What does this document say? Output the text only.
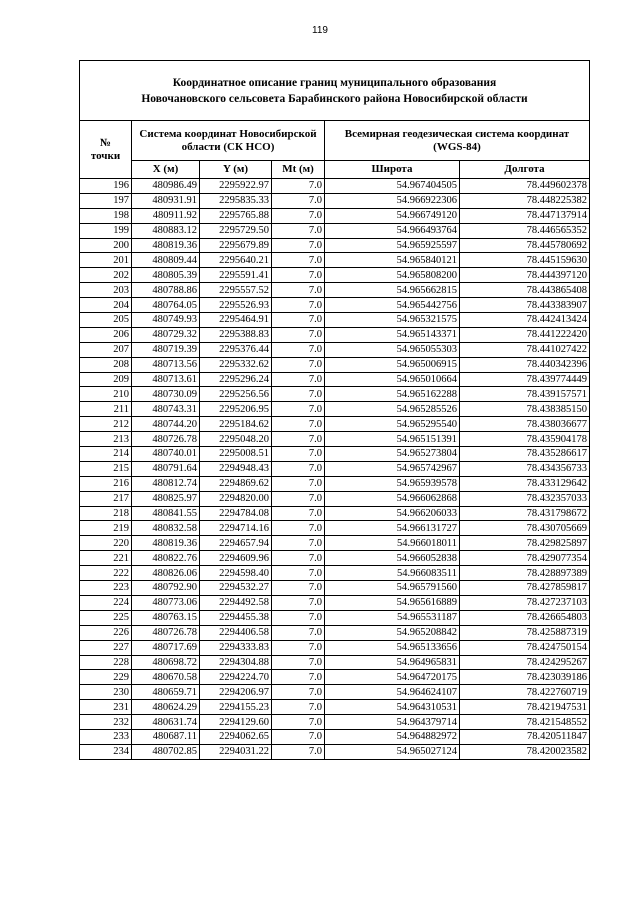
119
Координатное описание границ муниципального образования
Новочановского сельсовета Барабинского района Новосибирской области					

№
точки	Система координат Новосибирской области (СК НСО)			Всемирная геодезическая система координат (WGS-84)	
	X (м)	Y (м)	Mt (м)	Широта	Долгота
196	480986.49	2295922.97	7.0	54.967404505	78.449602378
197	480931.91	2295835.33	7.0	54.966922306	78.448225382
198	480911.92	2295765.88	7.0	54.966749120	78.447137914
199	480883.12	2295729.50	7.0	54.966493764	78.446565352
200	480819.36	2295679.89	7.0	54.965925597	78.445780692
201	480809.44	2295640.21	7.0	54.965840121	78.445159630
202	480805.39	2295591.41	7.0	54.965808200	78.444397120
203	480788.86	2295557.52	7.0	54.965662815	78.443865408
204	480764.05	2295526.93	7.0	54.965442756	78.443383907
205	480749.93	2295464.91	7.0	54.965321575	78.442413424
206	480729.32	2295388.83	7.0	54.965143371	78.441222420
207	480719.39	2295376.44	7.0	54.965055303	78.441027422
208	480713.56	2295332.62	7.0	54.965006915	78.440342396
209	480713.61	2295296.24	7.0	54.965010664	78.439774449
210	480730.09	2295256.56	7.0	54.965162288	78.439157571
211	480743.31	2295206.95	7.0	54.965285526	78.438385150
212	480744.20	2295184.62	7.0	54.965295540	78.438036677
213	480726.78	2295048.20	7.0	54.965151391	78.435904178
214	480740.01	2295008.51	7.0	54.965273804	78.435286617
215	480791.64	2294948.43	7.0	54.965742967	78.434356733
216	480812.74	2294869.62	7.0	54.965939578	78.433129642
217	480825.97	2294820.00	7.0	54.966062868	78.432357033
218	480841.55	2294784.08	7.0	54.966206033	78.431798672
219	480832.58	2294714.16	7.0	54.966131727	78.430705669
220	480819.36	2294657.94	7.0	54.966018011	78.429825897
221	480822.76	2294609.96	7.0	54.966052838	78.429077354
222	480826.06	2294598.40	7.0	54.966083511	78.428897389
223	480792.90	2294532.27	7.0	54.965791560	78.427859817
224	480773.06	2294492.58	7.0	54.965616889	78.427237103
225	480763.15	2294455.38	7.0	54.965531187	78.426654803
226	480726.78	2294406.58	7.0	54.965208842	78.425887319
227	480717.69	2294333.83	7.0	54.965133656	78.424750154
228	480698.72	2294304.88	7.0	54.964965831	78.424295267
229	480670.58	2294224.70	7.0	54.964720175	78.423039186
230	480659.71	2294206.97	7.0	54.964624107	78.422760719
231	480624.29	2294155.23	7.0	54.964310531	78.421947531
232	480631.74	2294129.60	7.0	54.964379714	78.421548552
233	480687.11	2294062.65	7.0	54.964882972	78.420511847
234	480702.85	2294031.22	7.0	54.965027124	78.420023582
